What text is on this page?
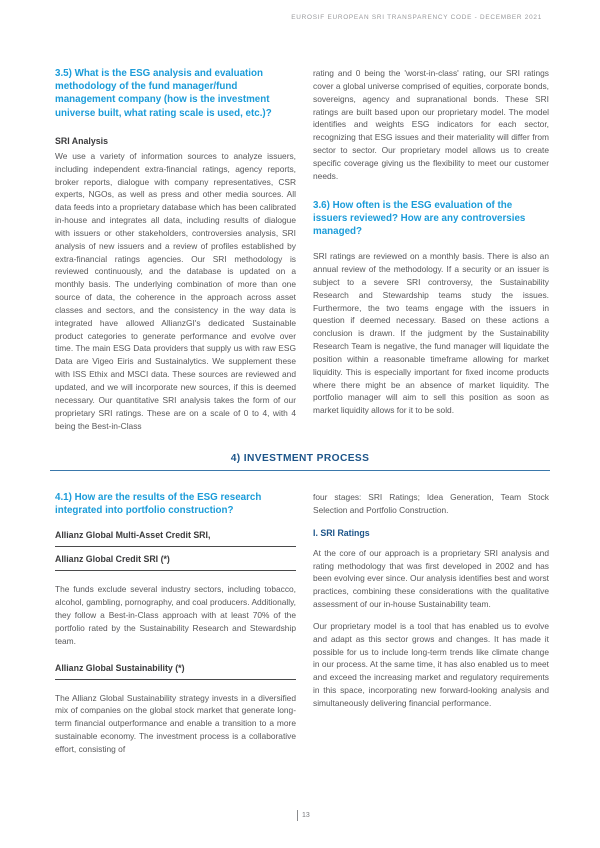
EUROSIF EUROPEAN SRI TRANSPARENCY CODE - DECEMBER 2021
3.5) What is the ESG analysis and evaluation methodology of the fund manager/fund management company (how is the investment universe built, what rating scale is used, etc.)?
SRI Analysis

We use a variety of information sources to analyze issuers, including independent extra-financial ratings, agency reports, broker reports, dialogue with company representatives, CSR experts, NGOs, as well as press and other media sources. All data feeds into a proprietary database which has been calibrated in-house and integrates all data, including results of dialogue with issuers or other stakeholders, controversies analysis, SRI analysis of new issuers and a review of profiles established by extra-financial ratings agencies. Our SRI methodology is reviewed continuously, and the database is updated on a monthly basis. The underlying combination of more than one source of data, the coherence in the approach across asset classes and sectors, and the consistency in the way data is integrated have allowed AllianzGI's dedicated Sustainable product categories to generate performance and evolve over time. The main ESG Data providers that supply us with raw ESG Data are Vigeo Eiris and Sustainalytics. We supplement these with ISS Ethix and MSCI data. These sources are reviewed and updated, and we will incorporate new sources, if this is deemed necessary. Our quantitative SRI analysis takes the form of our proprietary SRI ratings. These are on a scale of 0 to 4, with 4 being the Best-in-Class

rating and 0 being the 'worst-in-class' rating, our SRI ratings cover a global universe comprised of equities, corporate bonds, sovereigns, agency and supranational bonds. These SRI ratings are built based upon our proprietary model. The model identifies and weights ESG indicators for each sector, recognizing that ESG issues and their materiality will differ from sector to sector. Our proprietary model allows us to create specific coverage giving us the flexibility to meet our customer needs.

3.6) How often is the ESG evaluation of the issuers reviewed? How are any controversies managed?

SRI ratings are reviewed on a monthly basis. There is also an annual review of the methodology. If a security or an issuer is subject to a severe SRI controversy, the Sustainability Research and Stewardship teams study the issues. Furthermore, the two teams engage with the issuers in question if deemed necessary. Based on these actions a conclusion is drawn. If the judgment by the Sustainability Research Team is negative, the fund manager will liquidate the position within a reasonable timeframe allowing for market liquidity. This is especially important for fixed income products where there might be an absence of market liquidity. The portfolio manager will aim to sell this position as soon as market liquidity allows for it to be sold.

4) INVESTMENT PROCESS
4.1) How are the results of the ESG research integrated into portfolio construction?
Allianz Global Multi-Asset Credit SRI,
Allianz Global Credit SRI (*)

The funds exclude several industry sectors, including tobacco, alcohol, gambling, pornography, and coal producers. Additionally, they follow a Best-in-Class approach with at least 70% of the portfolio rated by the Sustainability Research and Stewardship team.

Allianz Global Sustainability (*)

The Allianz Global Sustainability strategy invests in a diversified mix of companies on the global stock market that generate long-term financial outperformance and enable a transition to a more sustainable economy. The investment process is a collaborative effort, consisting of

four stages: SRI Ratings; Idea Generation, Team Stock Selection and Portfolio Construction.

I. SRI Ratings

At the core of our approach is a proprietary SRI analysis and rating methodology that was first developed in 2002 and has been evolving ever since. Our analysis identifies best and worst practices, combining these considerations with the qualitative assessment of our in-house Sustainability team.

Our proprietary model is a tool that has enabled us to evolve and adapt as this sector grows and changes. It has made it possible for us to include long-term trends like climate change in our process. At the same time, it has also enabled us to meet and exceed the increasing market and regulatory requirements in this space, incorporating new forward-looking analysis and simultaneously delivering financial performance.

13
